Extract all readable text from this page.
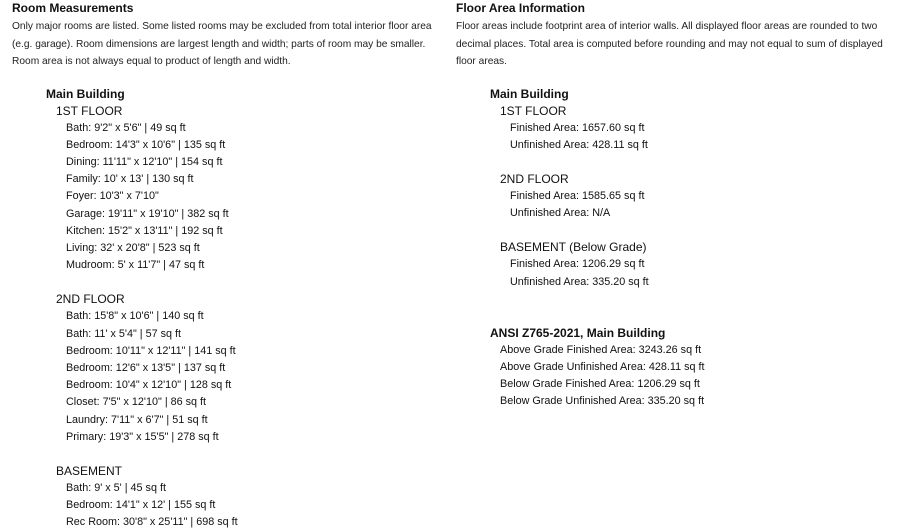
Room Measurements
Only major rooms are listed. Some listed rooms may be excluded from total interior floor area
(e.g. garage). Room dimensions are largest length and width; parts of room may be smaller.
Room area is not always equal to product of length and width.
Main Building
1ST FLOOR
Bath: 9'2" x 5'6" | 49 sq ft
Bedroom: 14'3" x 10'6" | 135 sq ft
Dining: 11'11" x 12'10" | 154 sq ft
Family: 10' x 13' | 130 sq ft
Foyer: 10'3" x 7'10"
Garage: 19'11" x 19'10" | 382 sq ft
Kitchen: 15'2" x 13'11" | 192 sq ft
Living: 32' x 20'8" | 523 sq ft
Mudroom: 5' x 11'7" | 47 sq ft
2ND FLOOR
Bath: 15'8" x 10'6" | 140 sq ft
Bath: 11' x 5'4" | 57 sq ft
Bedroom: 10'11" x 12'11" | 141 sq ft
Bedroom: 12'6" x 13'5" | 137 sq ft
Bedroom: 10'4" x 12'10" | 128 sq ft
Closet: 7'5" x 12'10" | 86 sq ft
Laundry: 7'11" x 6'7" | 51 sq ft
Primary: 19'3" x 15'5" | 278 sq ft
BASEMENT
Bath: 9' x 5' | 45 sq ft
Bedroom: 14'1" x 12' | 155 sq ft
Rec Room: 30'8" x 25'11" | 698 sq ft
Floor Area Information
Floor areas include footprint area of interior walls. All displayed floor areas are rounded to two
decimal places. Total area is computed before rounding and may not equal to sum of displayed
floor areas.
Main Building
1ST FLOOR
Finished Area: 1657.60 sq ft
Unfinished Area: 428.11 sq ft
2ND FLOOR
Finished Area: 1585.65 sq ft
Unfinished Area: N/A
BASEMENT (Below Grade)
Finished Area: 1206.29 sq ft
Unfinished Area: 335.20 sq ft
ANSI Z765-2021, Main Building
Above Grade Finished Area: 3243.26 sq ft
Above Grade Unfinished Area: 428.11 sq ft
Below Grade Finished Area: 1206.29 sq ft
Below Grade Unfinished Area: 335.20 sq ft
